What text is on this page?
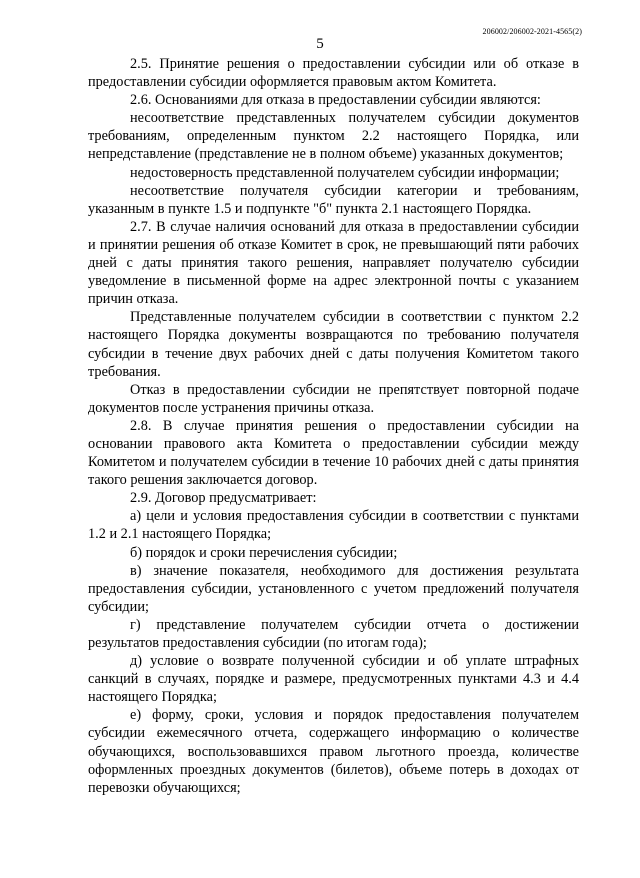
206002/206002-2021-4565(2)
5

2.5. Принятие решения о предоставлении субсидии или об отказе в предоставлении субсидии оформляется правовым актом Комитета.

2.6. Основаниями для отказа в предоставлении субсидии являются:

несоответствие представленных получателем субсидии документов требованиям, определенным пунктом 2.2 настоящего Порядка, или непредставление (представление не в полном объеме) указанных документов;

недостоверность представленной получателем субсидии информации;

несоответствие получателя субсидии категории и требованиям, указанным в пункте 1.5 и подпункте "б" пункта 2.1 настоящего Порядка.

2.7. В случае наличия оснований для отказа в предоставлении субсидии и принятии решения об отказе Комитет в срок, не превышающий пяти рабочих дней с даты принятия такого решения, направляет получателю субсидии уведомление в письменной форме на адрес электронной почты с указанием причин отказа.

Представленные получателем субсидии в соответствии с пунктом 2.2 настоящего Порядка документы возвращаются по требованию получателя субсидии в течение двух рабочих дней с даты получения Комитетом такого требования.

Отказ в предоставлении субсидии не препятствует повторной подаче документов после устранения причины отказа.

2.8. В случае принятия решения о предоставлении субсидии на основании правового акта Комитета о предоставлении субсидии между Комитетом и получателем субсидии в течение 10 рабочих дней с даты принятия такого решения заключается договор.

2.9. Договор предусматривает:

а) цели и условия предоставления субсидии в соответствии с пунктами 1.2 и 2.1 настоящего Порядка;

б) порядок и сроки перечисления субсидии;

в) значение показателя, необходимого для достижения результата предоставления субсидии, установленного с учетом предложений получателя субсидии;

г) представление получателем субсидии отчета о достижении результатов предоставления субсидии (по итогам года);

д) условие о возврате полученной субсидии и об уплате штрафных санкций в случаях, порядке и размере, предусмотренных пунктами 4.3 и 4.4 настоящего Порядка;

е) форму, сроки, условия и порядок предоставления получателем субсидии ежемесячного отчета, содержащего информацию о количестве обучающихся, воспользовавшихся правом льготного проезда, количестве оформленных проездных документов (билетов), объеме потерь в доходах от перевозки обучающихся;
